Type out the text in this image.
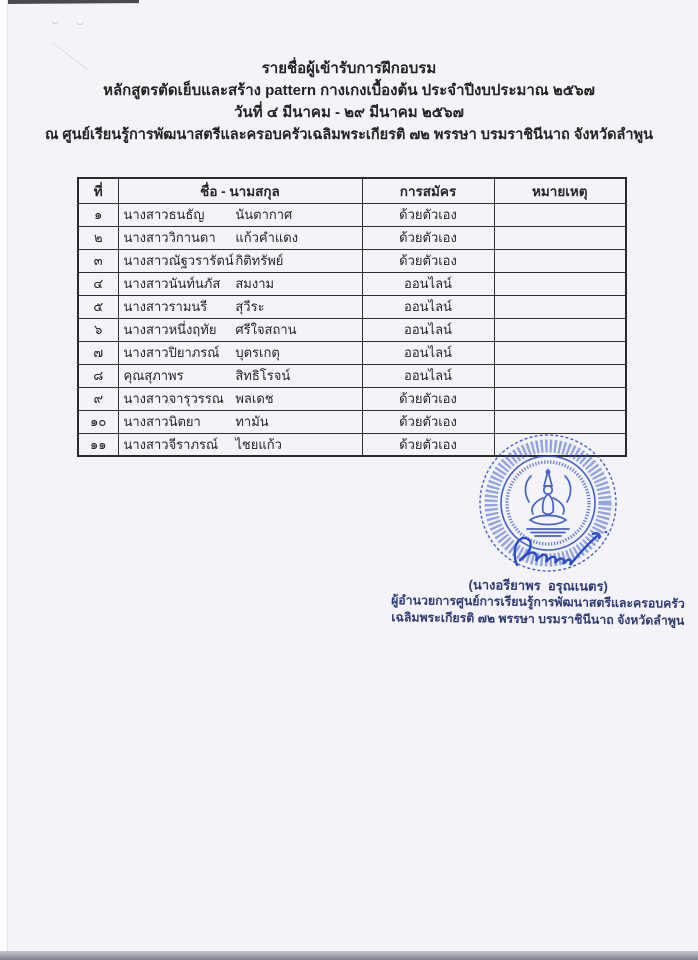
รายชื่อผู้เข้ารับการฝึกอบรม
หลักสูตรตัดเย็บและสร้าง pattern กางเกงเบื้องต้น ประจำปีงบประมาณ ๒๕๖๗
วันที่ ๔ มีนาคม - ๒๙ มีนาคม ๒๕๖๗
ณ ศูนย์เรียนรู้การพัฒนาสตรีและครอบครัวเฉลิมพระเกียรติ ๗๒ พรรษา บรมราชินีนาถ จังหวัดลำพูน
ที่	ชื่อ - นามสกุล	การสมัคร	หมายเหตุ
๑	นางสาวธนธัญ นันตากาศ	ด้วยตัวเอง	
๒	นางสาววิกานดา แก้วคำแดง	ด้วยตัวเอง	
๓	นางสาวณัฐวรารัตน์ กิติทรัพย์	ด้วยตัวเอง	
๔	นางสาวนันท์นภัส สมงาม	ออนไลน์	
๕	นางสาวรามนรี สุวีระ	ออนไลน์	
๖	นางสาวหนึ่งฤทัย ศรีใจสถาน	ออนไลน์	
๗	นางสาวปิยาภรณ์ บุตรเกตุ	ออนไลน์	
๘	คุณสุภาพร สิทธิโรจน์	ออนไลน์	
๙	นางสาวจารุวรรณ พลเดช	ด้วยตัวเอง	
๑๐	นางสาวนิตยา ทามัน	ด้วยตัวเอง	
๑๑	นางสาวจีราภรณ์ ไชยแก้ว	ด้วยตัวเอง	
(นางอรียาพร  อรุณเนตร)
ผู้อำนวยการศูนย์การเรียนรู้การพัฒนาสตรีและครอบครัว
เฉลิมพระเกียรติ ๗๒ พรรษา บรมราชินีนาถ จังหวัดลำพูน
